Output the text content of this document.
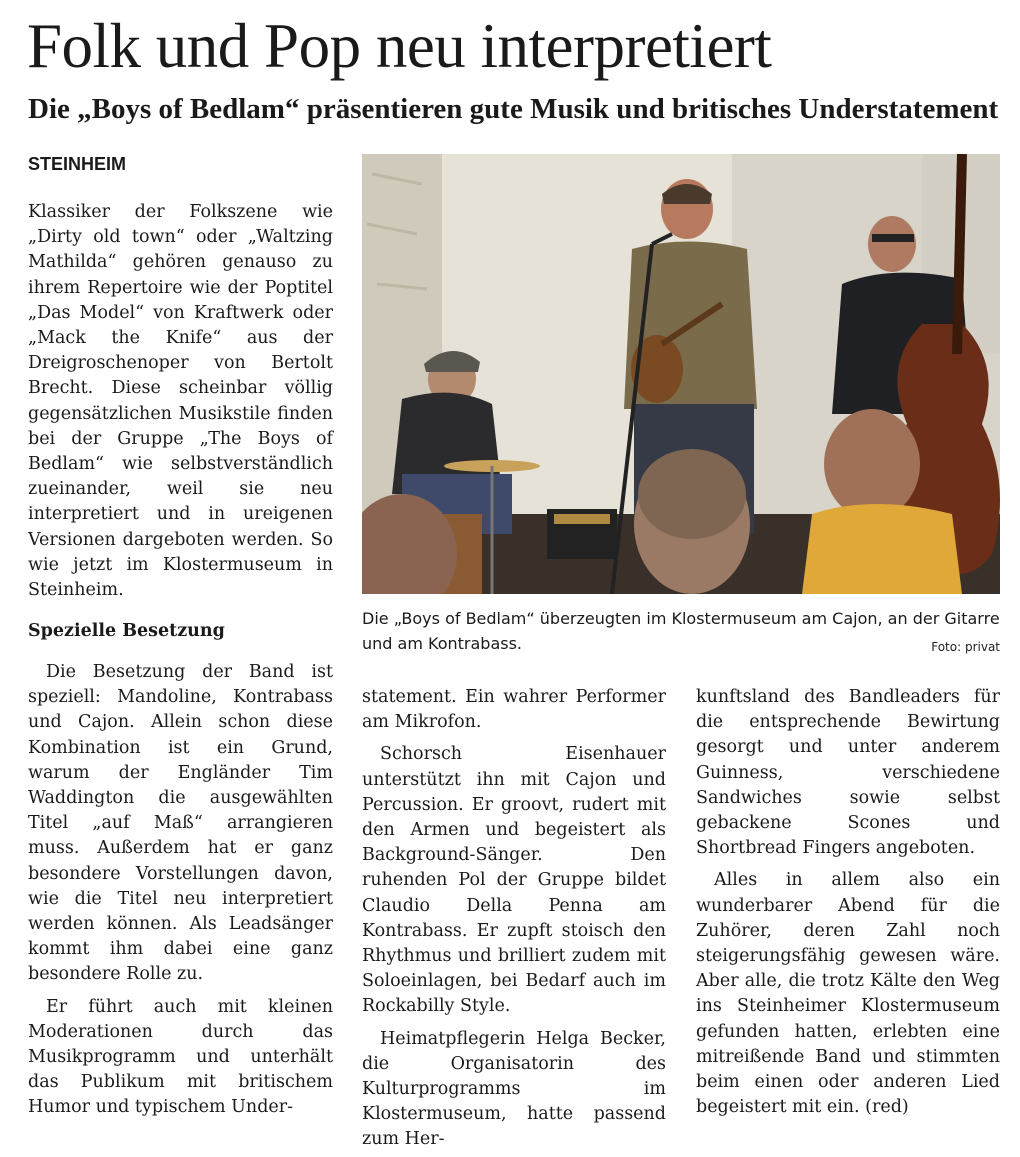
Folk und Pop neu interpretiert
Die „Boys of Bedlam“ präsentieren gute Musik und britisches Understatement
STEINHEIM

Klassiker der Folkszene wie „Dirty old town“ oder „Waltzing Mathilda“ gehören genauso zu ihrem Repertoire wie der Poptitel „Das Model“ von Kraftwerk oder „Mack the Knife“ aus der Dreigroschenoper von Bertolt Brecht. Diese scheinbar völlig gegensätzlichen Musikstile finden bei der Gruppe „The Boys of Bedlam“ wie selbstverständlich zueinander, weil sie neu interpretiert und in ureigenen Versionen dargeboten werden. So wie jetzt im Klostermuseum in Steinheim.

Spezielle Besetzung

Die Besetzung der Band ist speziell: Mandoline, Kontrabass und Cajon. Allein schon diese Kombination ist ein Grund, warum der Engländer Tim Waddington die ausgewählten Titel „auf Maß“ arrangieren muss. Außerdem hat er ganz besondere Vorstellungen davon, wie die Titel neu interpretiert werden können. Als Leadsänger kommt ihm dabei eine ganz besondere Rolle zu.

Er führt auch mit kleinen Moderationen durch das Musikprogramm und unterhält das Publikum mit britischem Humor und typischem Under-

Die „Boys of Bedlam“ überzeugten im Klostermuseum am Cajon, an der Gitarre und am Kontrabass.	Foto: privat

statement. Ein wahrer Performer am Mikrofon.

Schorsch Eisenhauer unterstützt ihn mit Cajon und Percussion. Er groovt, rudert mit den Armen und begeistert als Background-Sänger. Den ruhenden Pol der Gruppe bildet Claudio Della Penna am Kontrabass. Er zupft stoisch den Rhythmus und brilliert zudem mit Soloeinlagen, bei Bedarf auch im Rockabilly Style.

Heimatpflegerin Helga Becker, die Organisatorin des Kulturprogramms im Klostermuseum, hatte passend zum Her-

kunftsland des Bandleaders für die entsprechende Bewirtung gesorgt und unter anderem Guinness, verschiedene Sandwiches sowie selbst gebackene Scones und Shortbread Fingers angeboten.

Alles in allem also ein wunderbarer Abend für die Zuhörer, deren Zahl noch steigerungsfähig gewesen wäre. Aber alle, die trotz Kälte den Weg ins Steinheimer Klostermuseum gefunden hatten, erlebten eine mitreißende Band und stimmten beim einen oder anderen Lied begeistert mit ein. (red)
